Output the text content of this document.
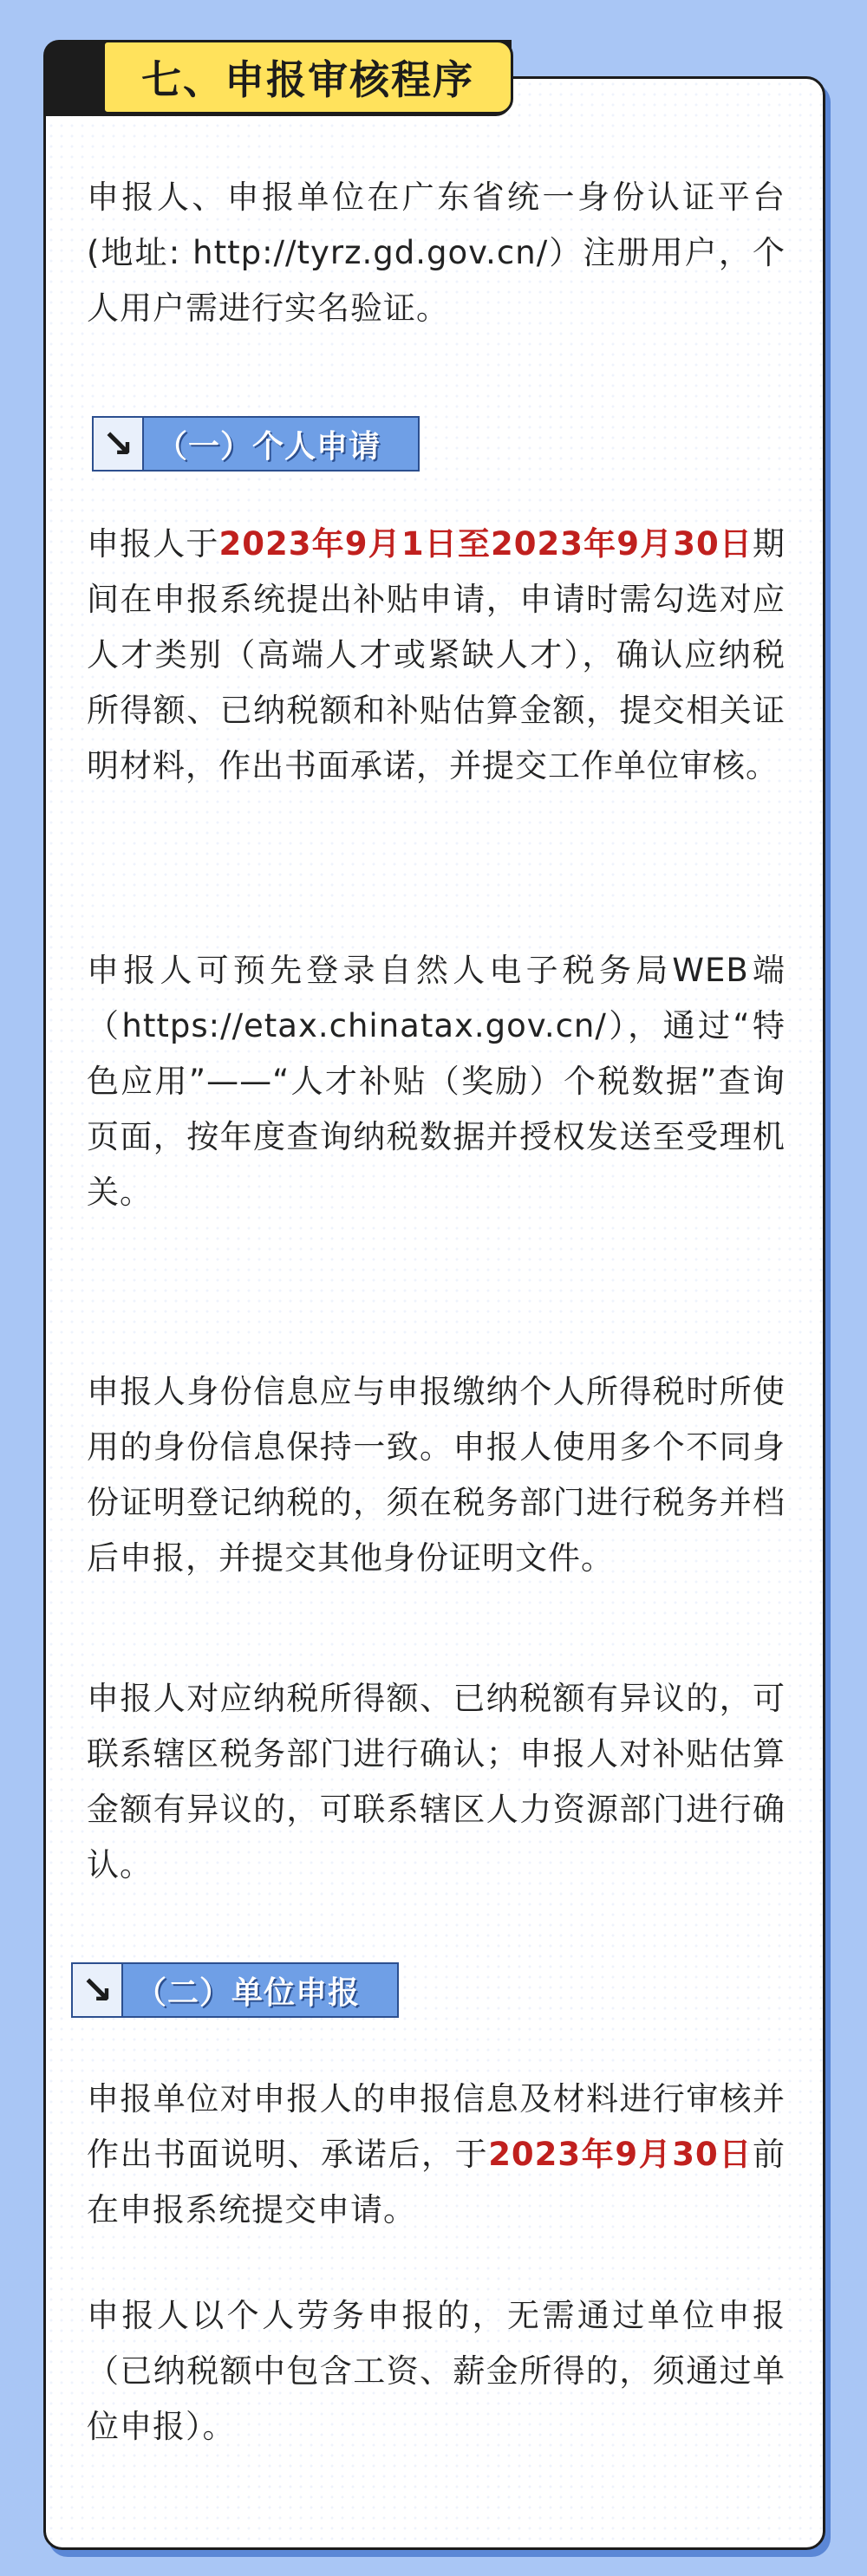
七、申报审核程序
申报人、申报单位在广东省统一身份认证平台(地址: http://tyrz.gd.gov.cn/）注册用户，个人用户需进行实名验证。
↘ （一）个人申请
申报人于2023年9月1日至2023年9月30日期间在申报系统提出补贴申请，申请时需勾选对应人才类别（高端人才或紧缺人才），确认应纳税所得额、已纳税额和补贴估算金额，提交相关证明材料，作出书面承诺，并提交工作单位审核。
申报人可预先登录自然人电子税务局WEB端（https://etax.chinatax.gov.cn/），通过“特色应用”——“人才补贴（奖励）个税数据”查询页面，按年度查询纳税数据并授权发送至受理机关。
申报人身份信息应与申报缴纳个人所得税时所使用的身份信息保持一致。申报人使用多个不同身份证明登记纳税的，须在税务部门进行税务并档后申报，并提交其他身份证明文件。
申报人对应纳税所得额、已纳税额有异议的，可联系辖区税务部门进行确认；申报人对补贴估算金额有异议的，可联系辖区人力资源部门进行确认。
↘ （二）单位申报
申报单位对申报人的申报信息及材料进行审核并作出书面说明、承诺后，于2023年9月30日前在申报系统提交申请。
申报人以个人劳务申报的，无需通过单位申报（已纳税额中包含工资、薪金所得的，须通过单位申报）。
